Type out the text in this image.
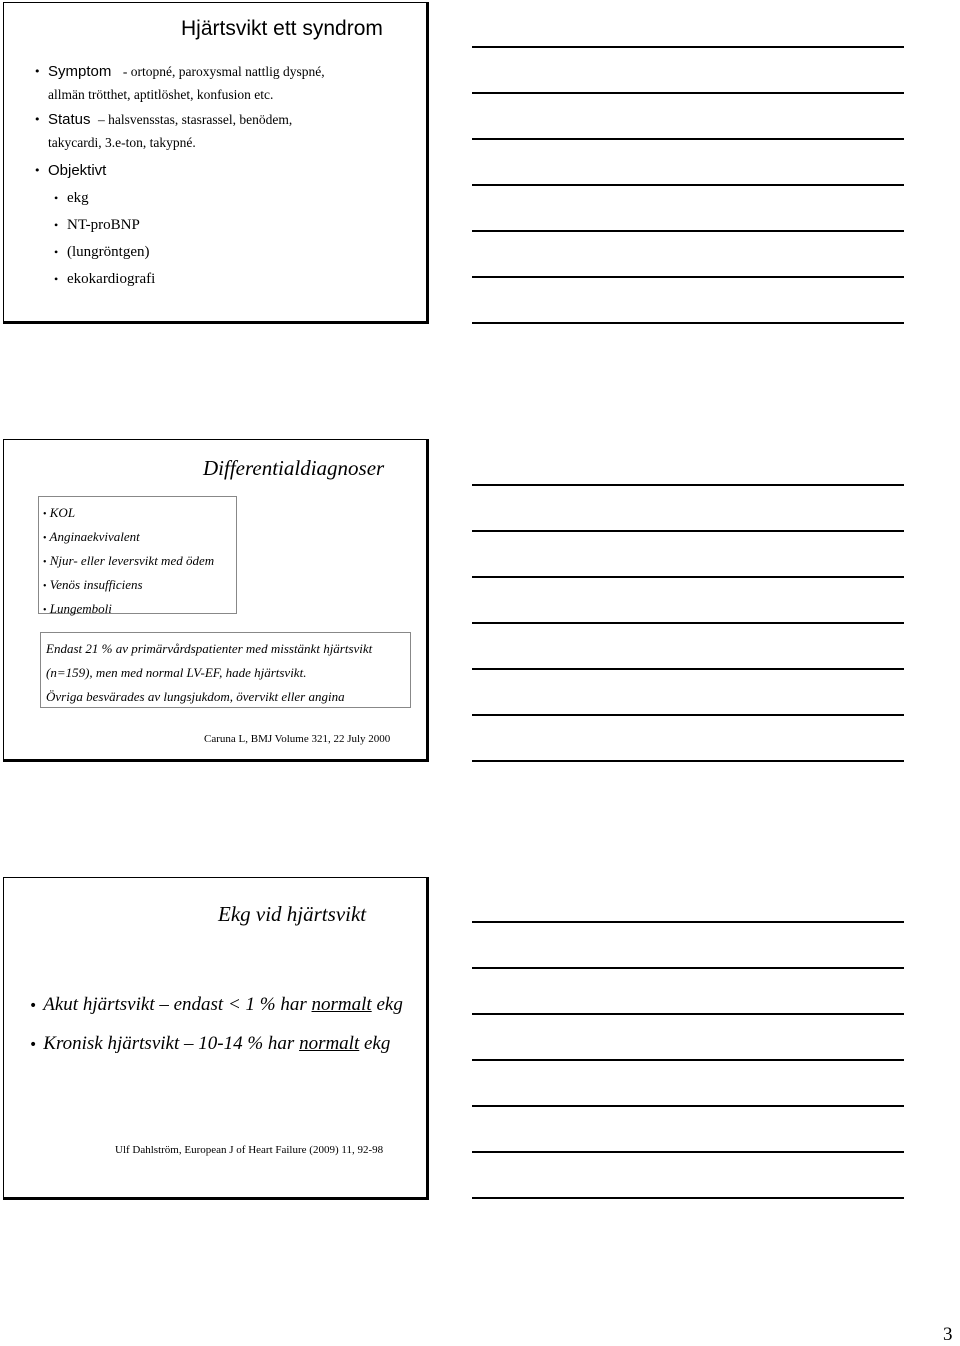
Hjärtsvikt ett syndrom
• Symptom - ortopné, paroxysmal nattlig dyspné,
allmän trötthet, aptitlöshet, konfusion etc.
• Status – halsvensstas, stasrassel, benödem,
takycardi, 3.e-ton, takypné.
• Objektivt
• ekg
• NT-proBNP
• (lungröntgen)
• ekokardiografi
Differentialdiagnoser
• KOL
• Anginaekvivalent
• Njur- eller leversvikt med ödem
• Venös insufficiens
• Lungemboli
Endast 21 % av primärvårdspatienter med misstänkt hjärtsvikt
(n=159), men med normal LV-EF, hade hjärtsvikt.
Övriga besvärades av lungsjukdom, övervikt eller angina
Caruna L, BMJ Volume 321, 22 July 2000
Ekg vid hjärtsvikt
• Akut hjärtsvikt – endast < 1 % har normalt ekg
• Kronisk hjärtsvikt – 10-14 % har normalt ekg
Ulf Dahlström, European J of Heart Failure (2009) 11, 92-98
3
